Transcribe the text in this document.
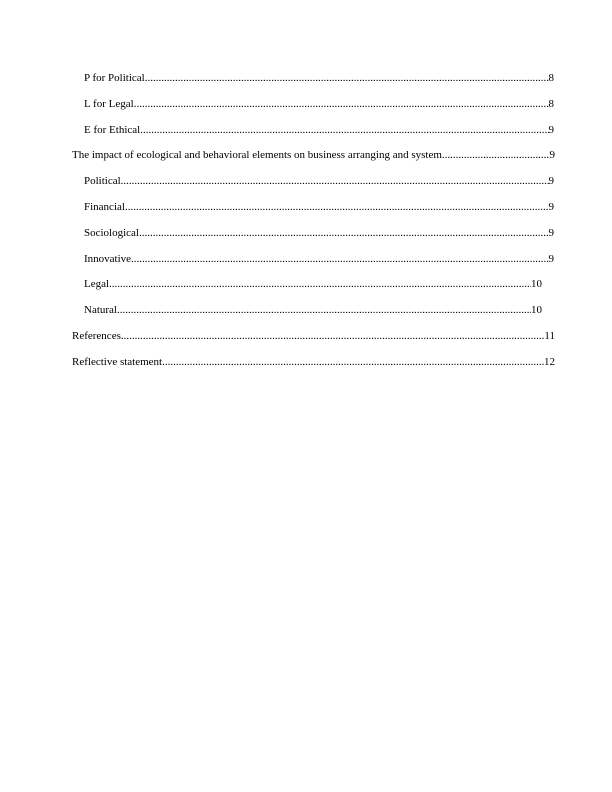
P for Political .....	8
L for Legal .....	8
E for Ethical .....	9
The impact of ecological and behavioral elements on business arranging and system .....	9
Political .....	9
Financial .....	9
Sociological .....	9
Innovative .....	9
Legal .....	10
Natural .....	10
References .....	11
Reflective statement .....	12
